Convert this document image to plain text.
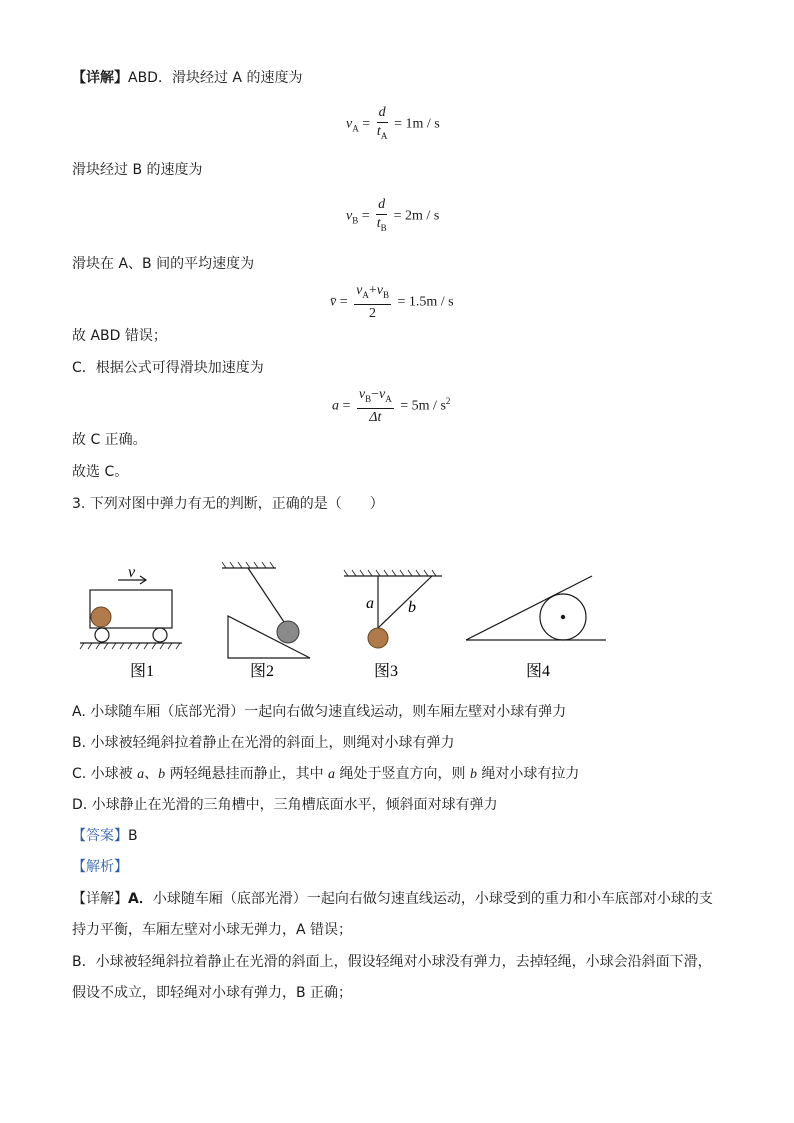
【详解】ABD．滑块经过 A 的速度为
$v_A = \frac{d}{t_A} = 1m / s$
滑块经过 B 的速度为
$v_B = \frac{d}{t_B} = 2m / s$
滑块在 A、B 间的平均速度为
v̄ = $\frac{v_A+v_B}{2} = 1.5m / s$
故 ABD 错误；
C．根据公式可得滑块加速度为
$a = \frac{v_B-v_A}{\Delta t} = 5m / s^2$
故 C 正确。
故选 C。
3. 下列对图中弹力有无的判断，正确的是（　　）
v
a b
图1	图2	图3	图4
A. 小球随车厢（底部光滑）一起向右做匀速直线运动，则车厢左壁对小球有弹力
B. 小球被轻绳斜拉着静止在光滑的斜面上，则绳对小球有弹力
C. 小球被 a、b 两轻绳悬挂而静止，其中 a 绳处于竖直方向，则 b 绳对小球有拉力
D. 小球静止在光滑的三角槽中，三角槽底面水平，倾斜面对球有弹力
【答案】B
【解析】
【详解】A．小球随车厢（底部光滑）一起向右做匀速直线运动，小球受到的重力和小车底部对小球的支
持力平衡，车厢左壁对小球无弹力，A 错误；
B．小球被轻绳斜拉着静止在光滑的斜面上，假设轻绳对小球没有弹力，去掉轻绳，小球会沿斜面下滑，
假设不成立，即轻绳对小球有弹力，B 正确；
